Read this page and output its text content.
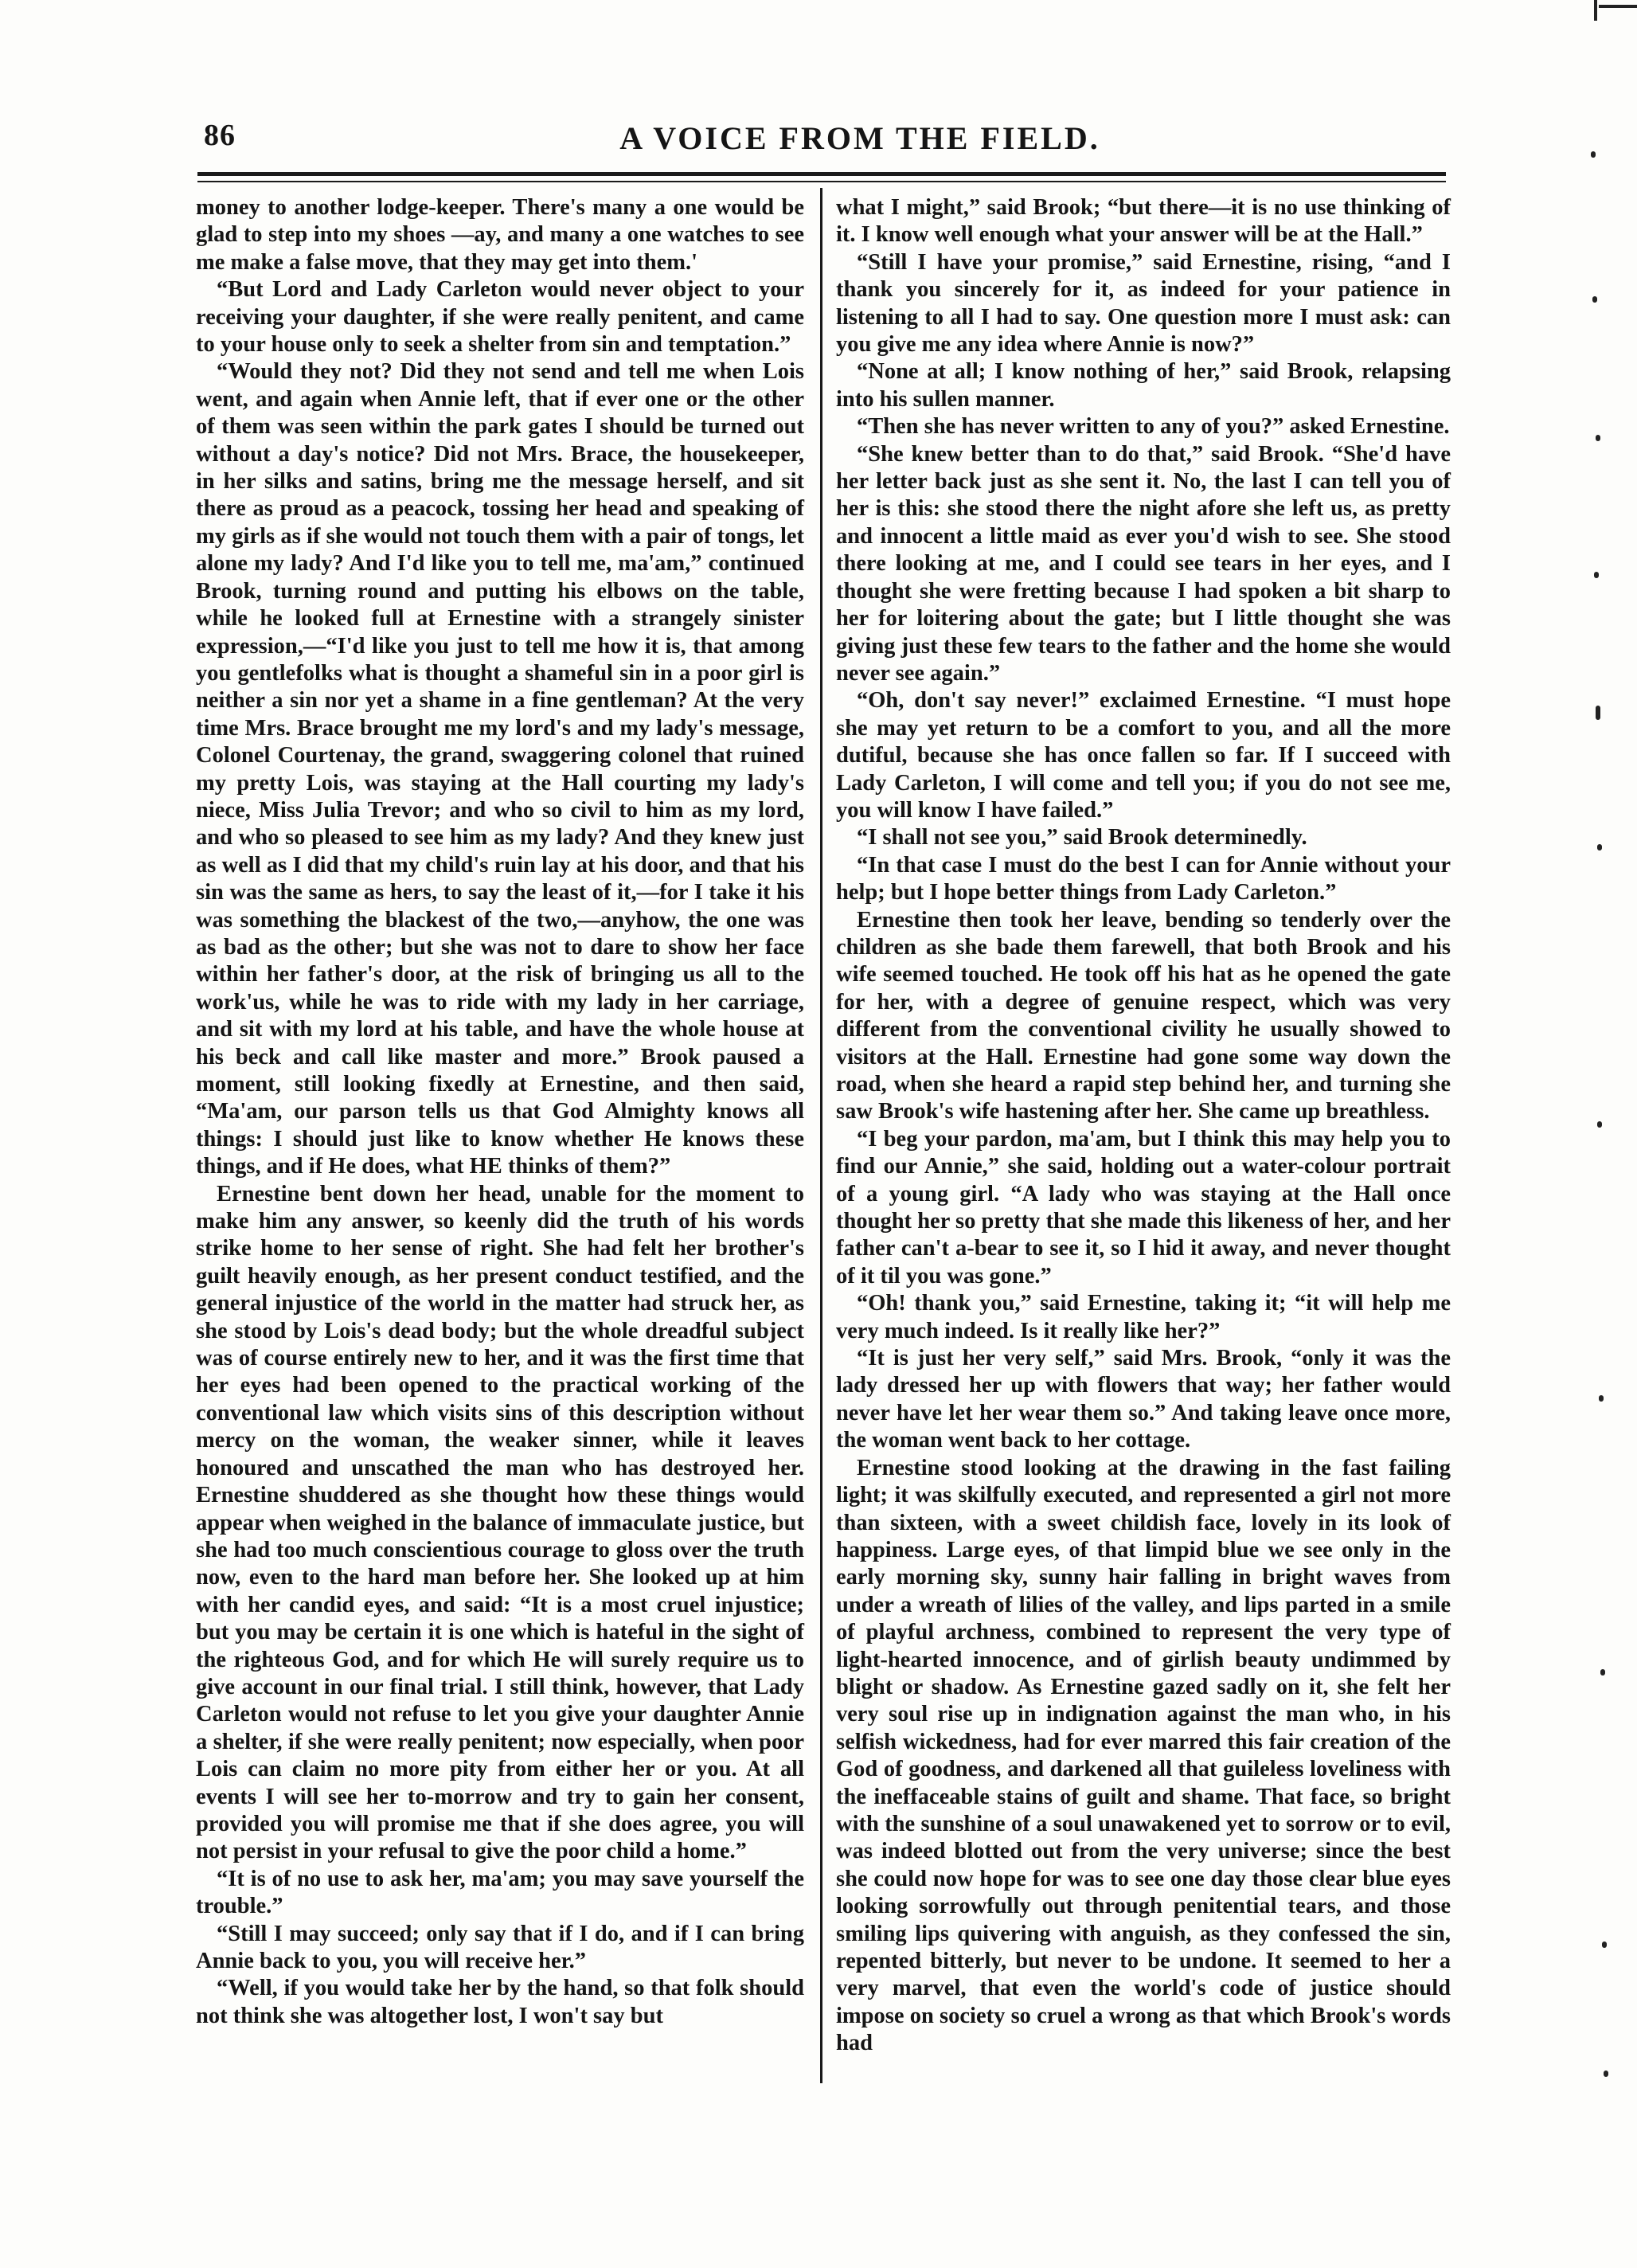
86	A VOICE FROM THE FIELD.

money to another lodge-keeper. There's many a one would be glad to step into my shoes —ay, and many a one watches to see me make a false move, that they may get into them.'

“But Lord and Lady Carleton would never object to your receiving your daughter, if she were really penitent, and came to your house only to seek a shelter from sin and temptation.”

“Would they not? Did they not send and tell me when Lois went, and again when Annie left, that if ever one or the other of them was seen within the park gates I should be turned out without a day's notice? Did not Mrs. Brace, the housekeeper, in her silks and satins, bring me the message herself, and sit there as proud as a peacock, tossing her head and speaking of my girls as if she would not touch them with a pair of tongs, let alone my lady? And I'd like you to tell me, ma'am,” continued Brook, turning round and putting his elbows on the table, while he looked full at Ernestine with a strangely sinister expression,—“I'd like you just to tell me how it is, that among you gentlefolks what is thought a shameful sin in a poor girl is neither a sin nor yet a shame in a fine gentleman? At the very time Mrs. Brace brought me my lord's and my lady's message, Colonel Courtenay, the grand, swaggering colonel that ruined my pretty Lois, was staying at the Hall courting my lady's niece, Miss Julia Trevor; and who so civil to him as my lord, and who so pleased to see him as my lady? And they knew just as well as I did that my child's ruin lay at his door, and that his sin was the same as hers, to say the least of it,—for I take it his was something the blackest of the two,—anyhow, the one was as bad as the other; but she was not to dare to show her face within her father's door, at the risk of bringing us all to the work'us, while he was to ride with my lady in her carriage, and sit with my lord at his table, and have the whole house at his beck and call like master and more.” Brook paused a moment, still looking fixedly at Ernestine, and then said, “Ma'am, our parson tells us that God Almighty knows all things: I should just like to know whether He knows these things, and if He does, what HE thinks of them?”

Ernestine bent down her head, unable for the moment to make him any answer, so keenly did the truth of his words strike home to her sense of right. She had felt her brother's guilt heavily enough, as her present conduct testified, and the general injustice of the world in the matter had struck her, as she stood by Lois's dead body; but the whole dreadful subject was of course entirely new to her, and it was the first time that her eyes had been opened to the practical working of the conventional law which visits sins of this description without mercy on the woman, the weaker sinner, while it leaves honoured and unscathed the man who has destroyed her. Ernestine shuddered as she thought how these things would appear when weighed in the balance of immaculate justice, but she had too much conscientious courage to gloss over the truth now, even to the hard man before her. She looked up at him with her candid eyes, and said: “It is a most cruel injustice; but you may be certain it is one which is hateful in the sight of the righteous God, and for which He will surely require us to give account in our final trial. I still think, however, that Lady Carleton would not refuse to let you give your daughter Annie a shelter, if she were really penitent; now especially, when poor Lois can claim no more pity from either her or you. At all events I will see her to-morrow and try to gain her consent, provided you will promise me that if she does agree, you will not persist in your refusal to give the poor child a home.”

“It is of no use to ask her, ma'am; you may save yourself the trouble.”

“Still I may succeed; only say that if I do, and if I can bring Annie back to you, you will receive her.”

“Well, if you would take her by the hand, so that folk should not think she was altogether lost, I won't say but

what I might,” said Brook; “but there—it is no use thinking of it. I know well enough what your answer will be at the Hall.”

“Still I have your promise,” said Ernestine, rising, “and I thank you sincerely for it, as indeed for your patience in listening to all I had to say. One question more I must ask: can you give me any idea where Annie is now?”

“None at all; I know nothing of her,” said Brook, relapsing into his sullen manner.

“Then she has never written to any of you?” asked Ernestine.

“She knew better than to do that,” said Brook. “She'd have her letter back just as she sent it. No, the last I can tell you of her is this: she stood there the night afore she left us, as pretty and innocent a little maid as ever you'd wish to see. She stood there looking at me, and I could see tears in her eyes, and I thought she were fretting because I had spoken a bit sharp to her for loitering about the gate; but I little thought she was giving just these few tears to the father and the home she would never see again.”

“Oh, don't say never!” exclaimed Ernestine. “I must hope she may yet return to be a comfort to you, and all the more dutiful, because she has once fallen so far. If I succeed with Lady Carleton, I will come and tell you; if you do not see me, you will know I have failed.”

“I shall not see you,” said Brook determinedly.

“In that case I must do the best I can for Annie without your help; but I hope better things from Lady Carleton.”

Ernestine then took her leave, bending so tenderly over the children as she bade them farewell, that both Brook and his wife seemed touched. He took off his hat as he opened the gate for her, with a degree of genuine respect, which was very different from the conventional civility he usually showed to visitors at the Hall. Ernestine had gone some way down the road, when she heard a rapid step behind her, and turning she saw Brook's wife hastening after her. She came up breathless.

“I beg your pardon, ma'am, but I think this may help you to find our Annie,” she said, holding out a water-colour portrait of a young girl. “A lady who was staying at the Hall once thought her so pretty that she made this likeness of her, and her father can't a-bear to see it, so I hid it away, and never thought of it til you was gone.”

“Oh! thank you,” said Ernestine, taking it; “it will help me very much indeed. Is it really like her?”

“It is just her very self,” said Mrs. Brook, “only it was the lady dressed her up with flowers that way; her father would never have let her wear them so.” And taking leave once more, the woman went back to her cottage.

Ernestine stood looking at the drawing in the fast failing light; it was skilfully executed, and represented a girl not more than sixteen, with a sweet childish face, lovely in its look of happiness. Large eyes, of that limpid blue we see only in the early morning sky, sunny hair falling in bright waves from under a wreath of lilies of the valley, and lips parted in a smile of playful archness, combined to represent the very type of light-hearted innocence, and of girlish beauty undimmed by blight or shadow. As Ernestine gazed sadly on it, she felt her very soul rise up in indignation against the man who, in his selfish wickedness, had for ever marred this fair creation of the God of goodness, and darkened all that guileless loveliness with the ineffaceable stains of guilt and shame. That face, so bright with the sunshine of a soul unawakened yet to sorrow or to evil, was indeed blotted out from the very universe; since the best she could now hope for was to see one day those clear blue eyes looking sorrowfully out through penitential tears, and those smiling lips quivering with anguish, as they confessed the sin, repented bitterly, but never to be undone. It seemed to her a very marvel, that even the world's code of justice should impose on society so cruel a wrong as that which Brook's words had
